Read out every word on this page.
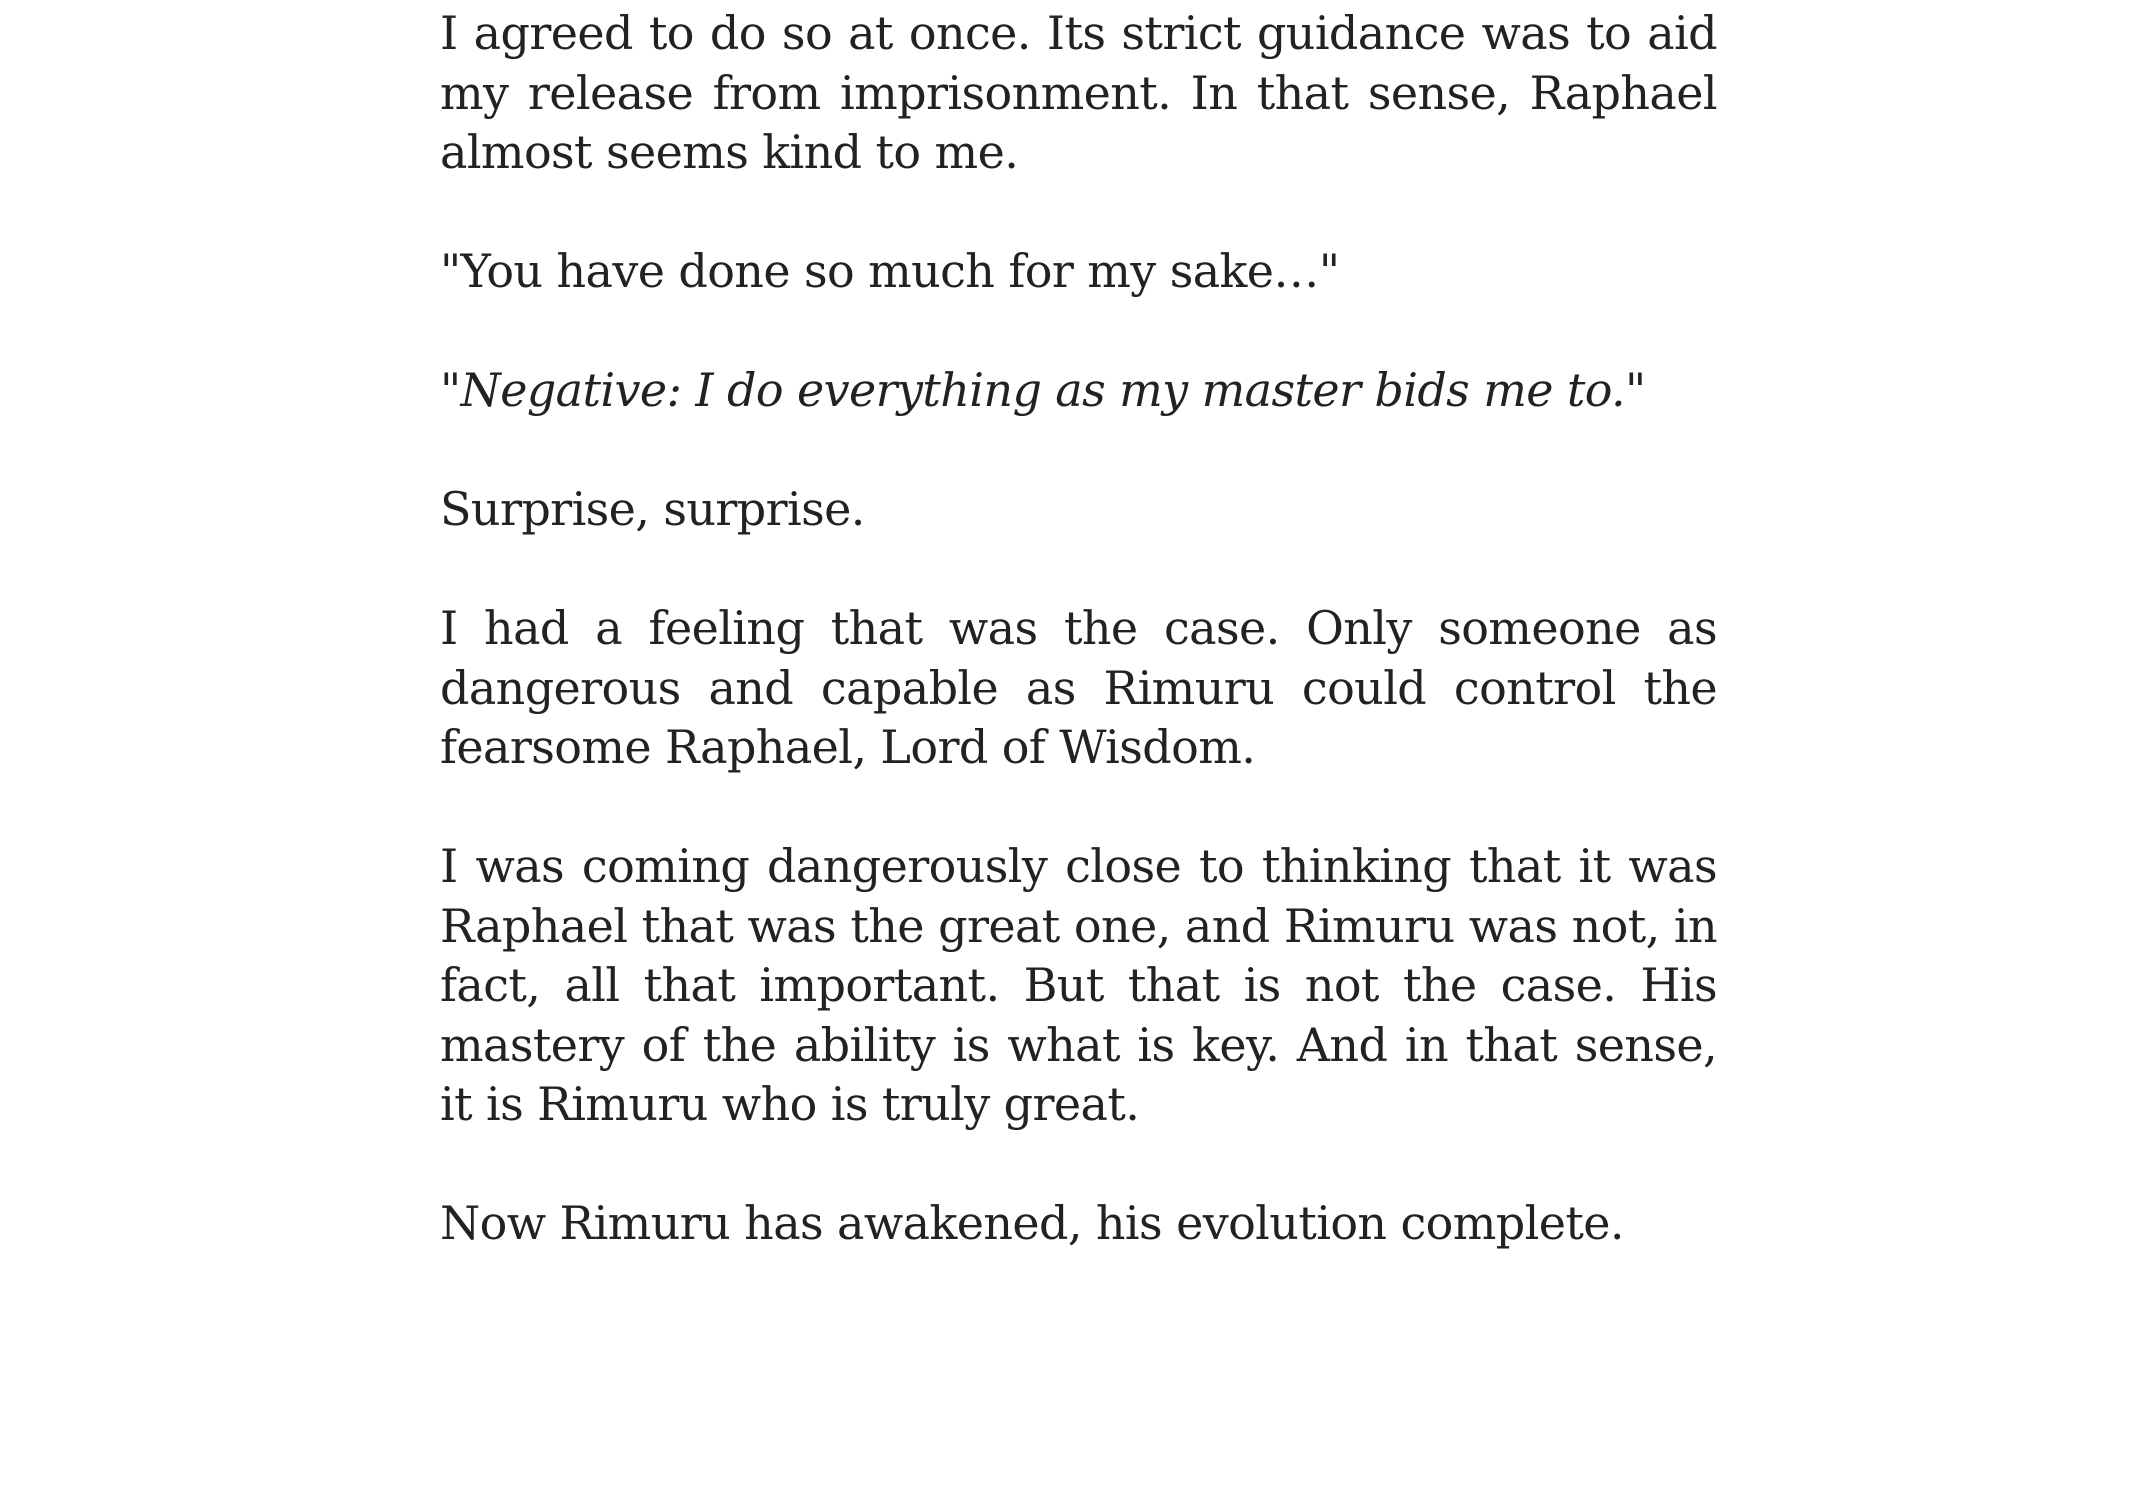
I agreed to do so at once. Its strict guidance was to aid my release from imprisonment. In that sense, Raphael almost seems kind to me.

"You have done so much for my sake…"

"Negative: I do everything as my master bids me to."

Surprise, surprise.

I had a feeling that was the case. Only someone as dangerous and capable as Rimuru could control the fearsome Raphael, Lord of Wisdom.

I was coming dangerously close to thinking that it was Raphael that was the great one, and Rimuru was not, in fact, all that important. But that is not the case. His mastery of the ability is what is key. And in that sense, it is Rimuru who is truly great.

Now Rimuru has awakened, his evolution complete.
